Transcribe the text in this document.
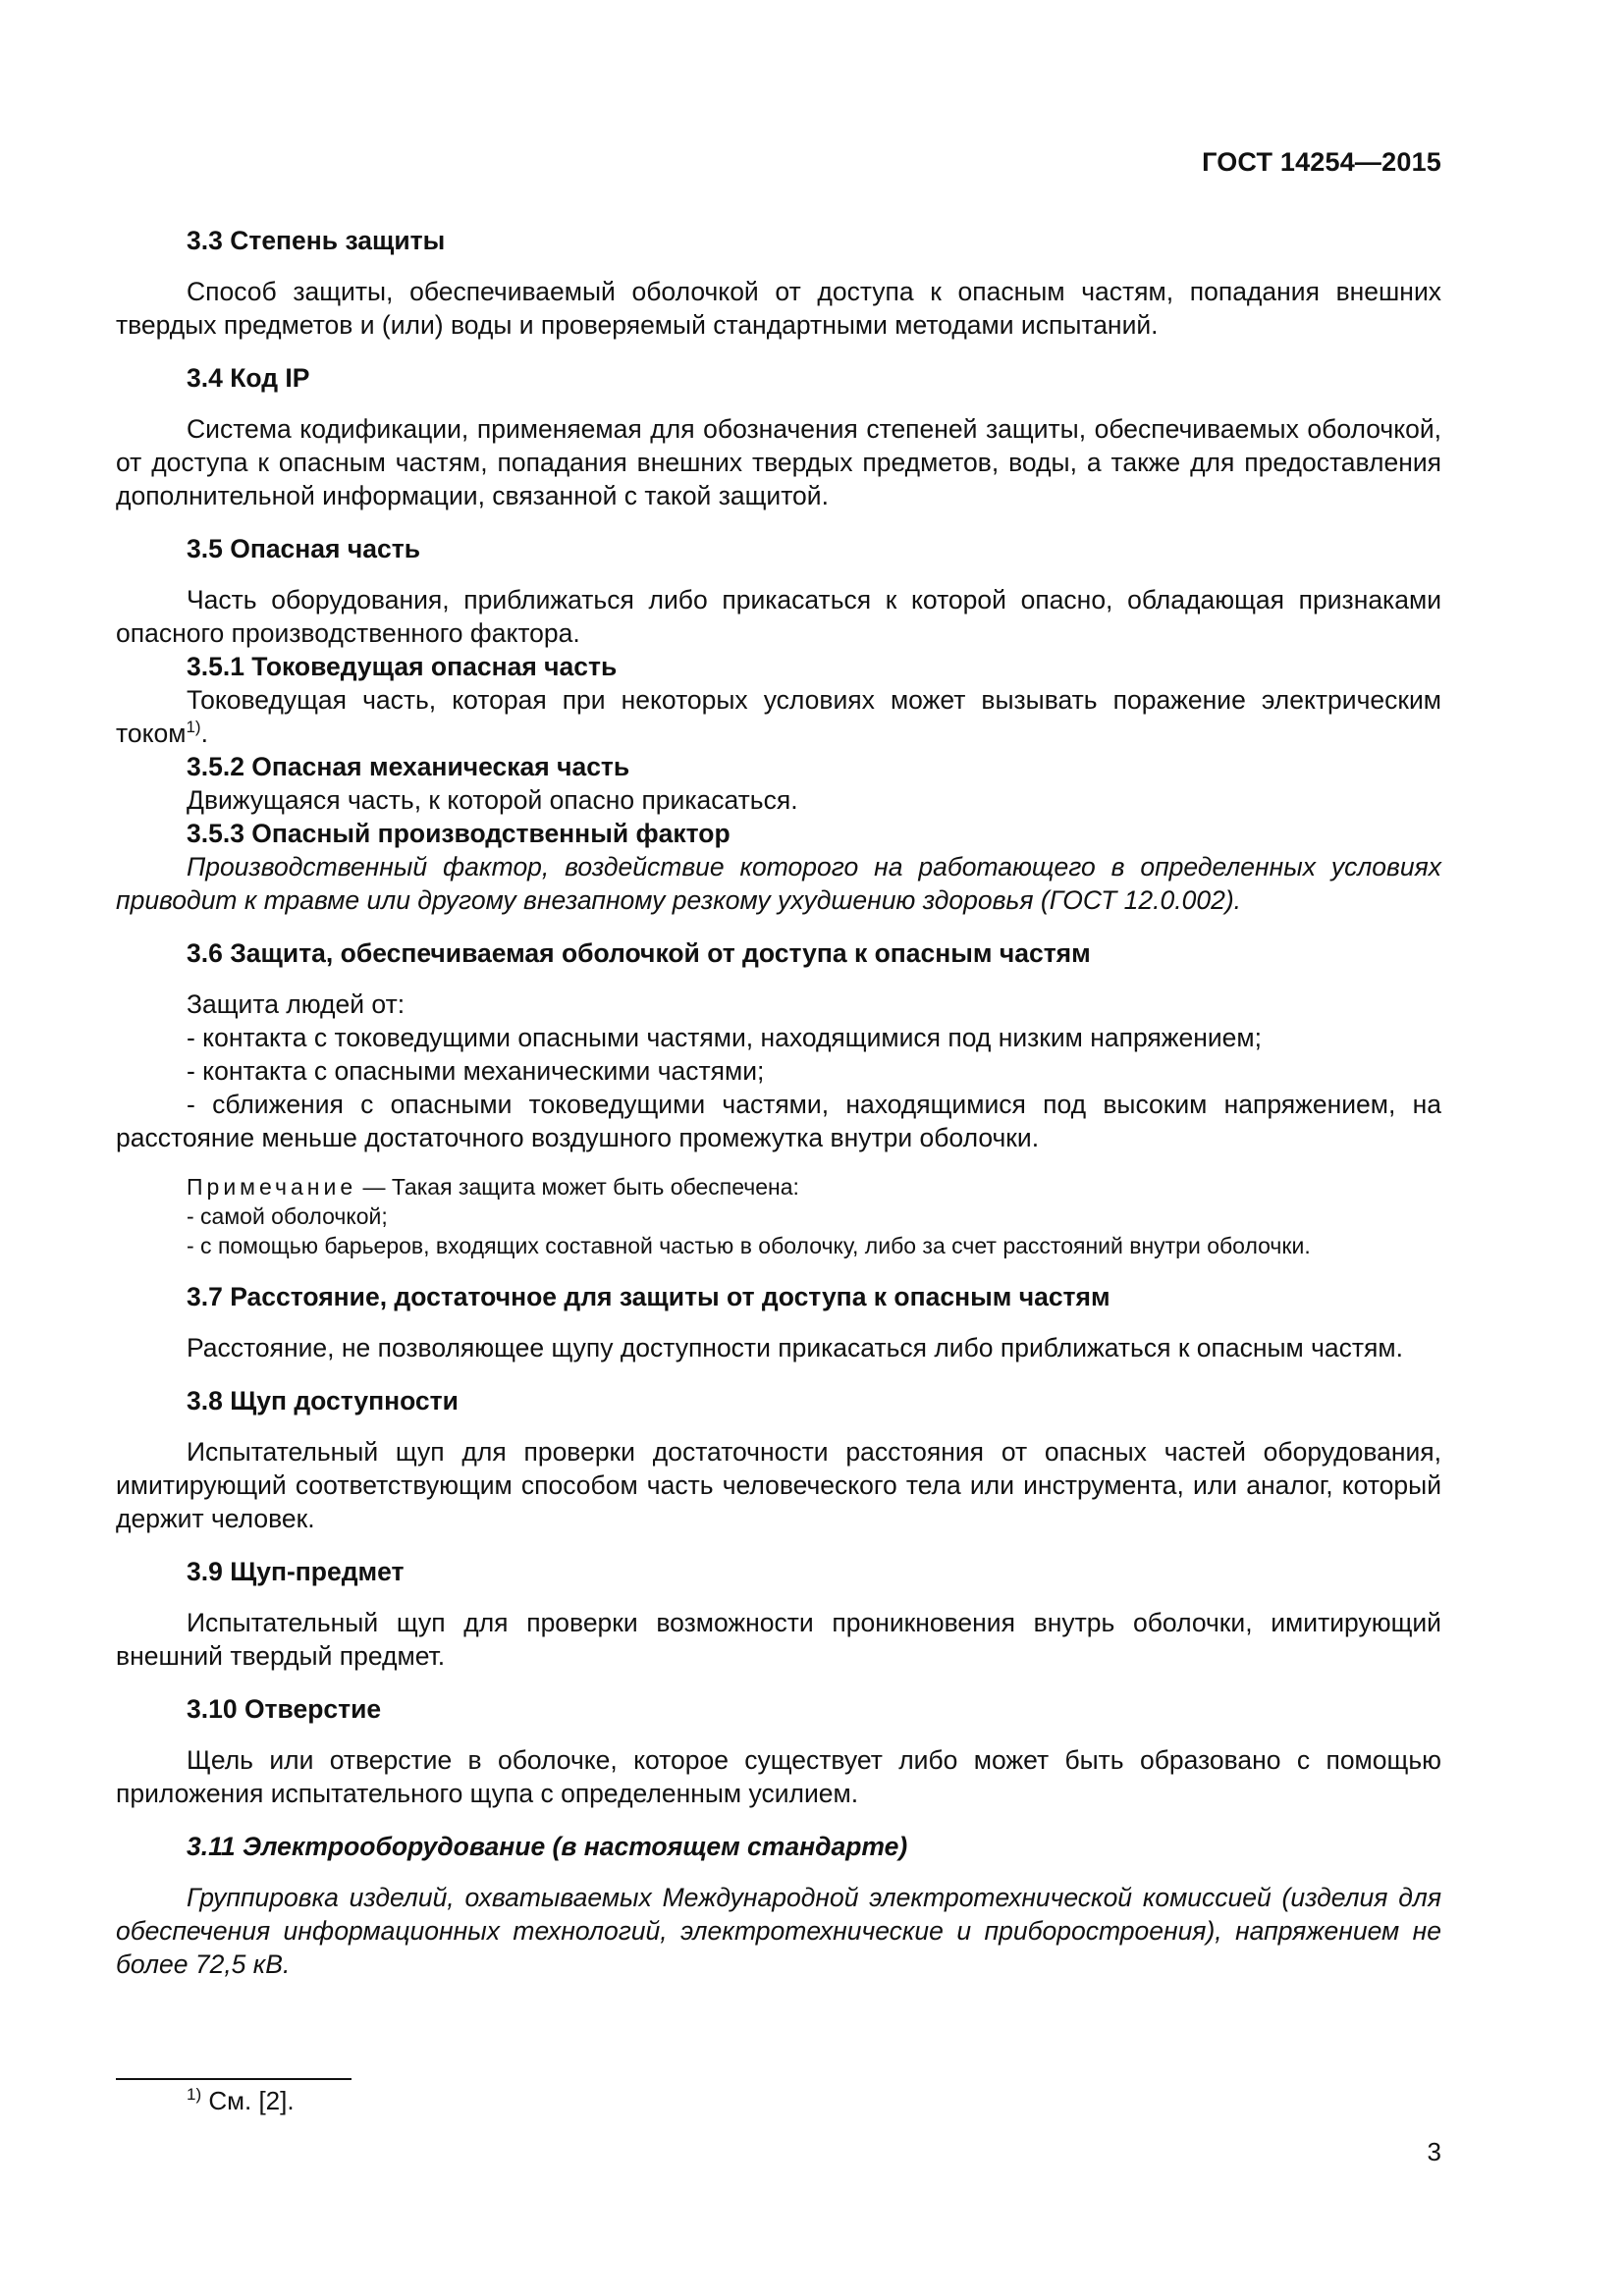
ГОСТ 14254—2015

3.3 Степень защиты

Способ защиты, обеспечиваемый оболочкой от доступа к опасным частям, попадания внешних твердых предметов и (или) воды и проверяемый стандартными методами испытаний.

3.4 Код IP

Система кодификации, применяемая для обозначения степеней защиты, обеспечиваемых оболочкой, от доступа к опасным частям, попадания внешних твердых предметов, воды, а также для предоставления дополнительной информации, связанной с такой защитой.

3.5 Опасная часть

Часть оборудования, приближаться либо прикасаться к которой опасно, обладающая признаками опасного производственного фактора.

3.5.1 Токоведущая опасная часть

Токоведущая часть, которая при некоторых условиях может вызывать поражение электрическим током$^{1)}$.

3.5.2 Опасная механическая часть

Движущаяся часть, к которой опасно прикасаться.

3.5.3 Опасный производственный фактор

Производственный фактор, воздействие которого на работающего в определенных условиях приводит к травме или другому внезапному резкому ухудшению здоровья (ГОСТ 12.0.002).

3.6 Защита, обеспечиваемая оболочкой от доступа к опасным частям

Защита людей от:

- контакта с токоведущими опасными частями, находящимися под низким напряжением;

- контакта с опасными механическими частями;

- сближения с опасными токоведущими частями, находящимися под высоким напряжением, на расстояние меньше достаточного воздушного промежутка внутри оболочки.

Примечание — Такая защита может быть обеспечена:

- самой оболочкой;

- с помощью барьеров, входящих составной частью в оболочку, либо за счет расстояний внутри оболочки.

3.7 Расстояние, достаточное для защиты от доступа к опасным частям

Расстояние, не позволяющее щупу доступности прикасаться либо приближаться к опасным частям.

3.8 Щуп доступности

Испытательный щуп для проверки достаточности расстояния от опасных частей оборудования, имитирующий соответствующим способом часть человеческого тела или инструмента, или аналог, который держит человек.

3.9 Щуп-предмет

Испытательный щуп для проверки возможности проникновения внутрь оболочки, имитирующий внешний твердый предмет.

3.10 Отверстие

Щель или отверстие в оболочке, которое существует либо может быть образовано с помощью приложения испытательного щупа с определенным усилием.

3.11 Электрооборудование (в настоящем стандарте)

Группировка изделий, охватываемых Международной электротехнической комиссией (изделия для обеспечения информационных технологий, электротехнические и приборостроения), напряжением не более 72,5 кВ.

$^{1)}$ См. [2].
3
